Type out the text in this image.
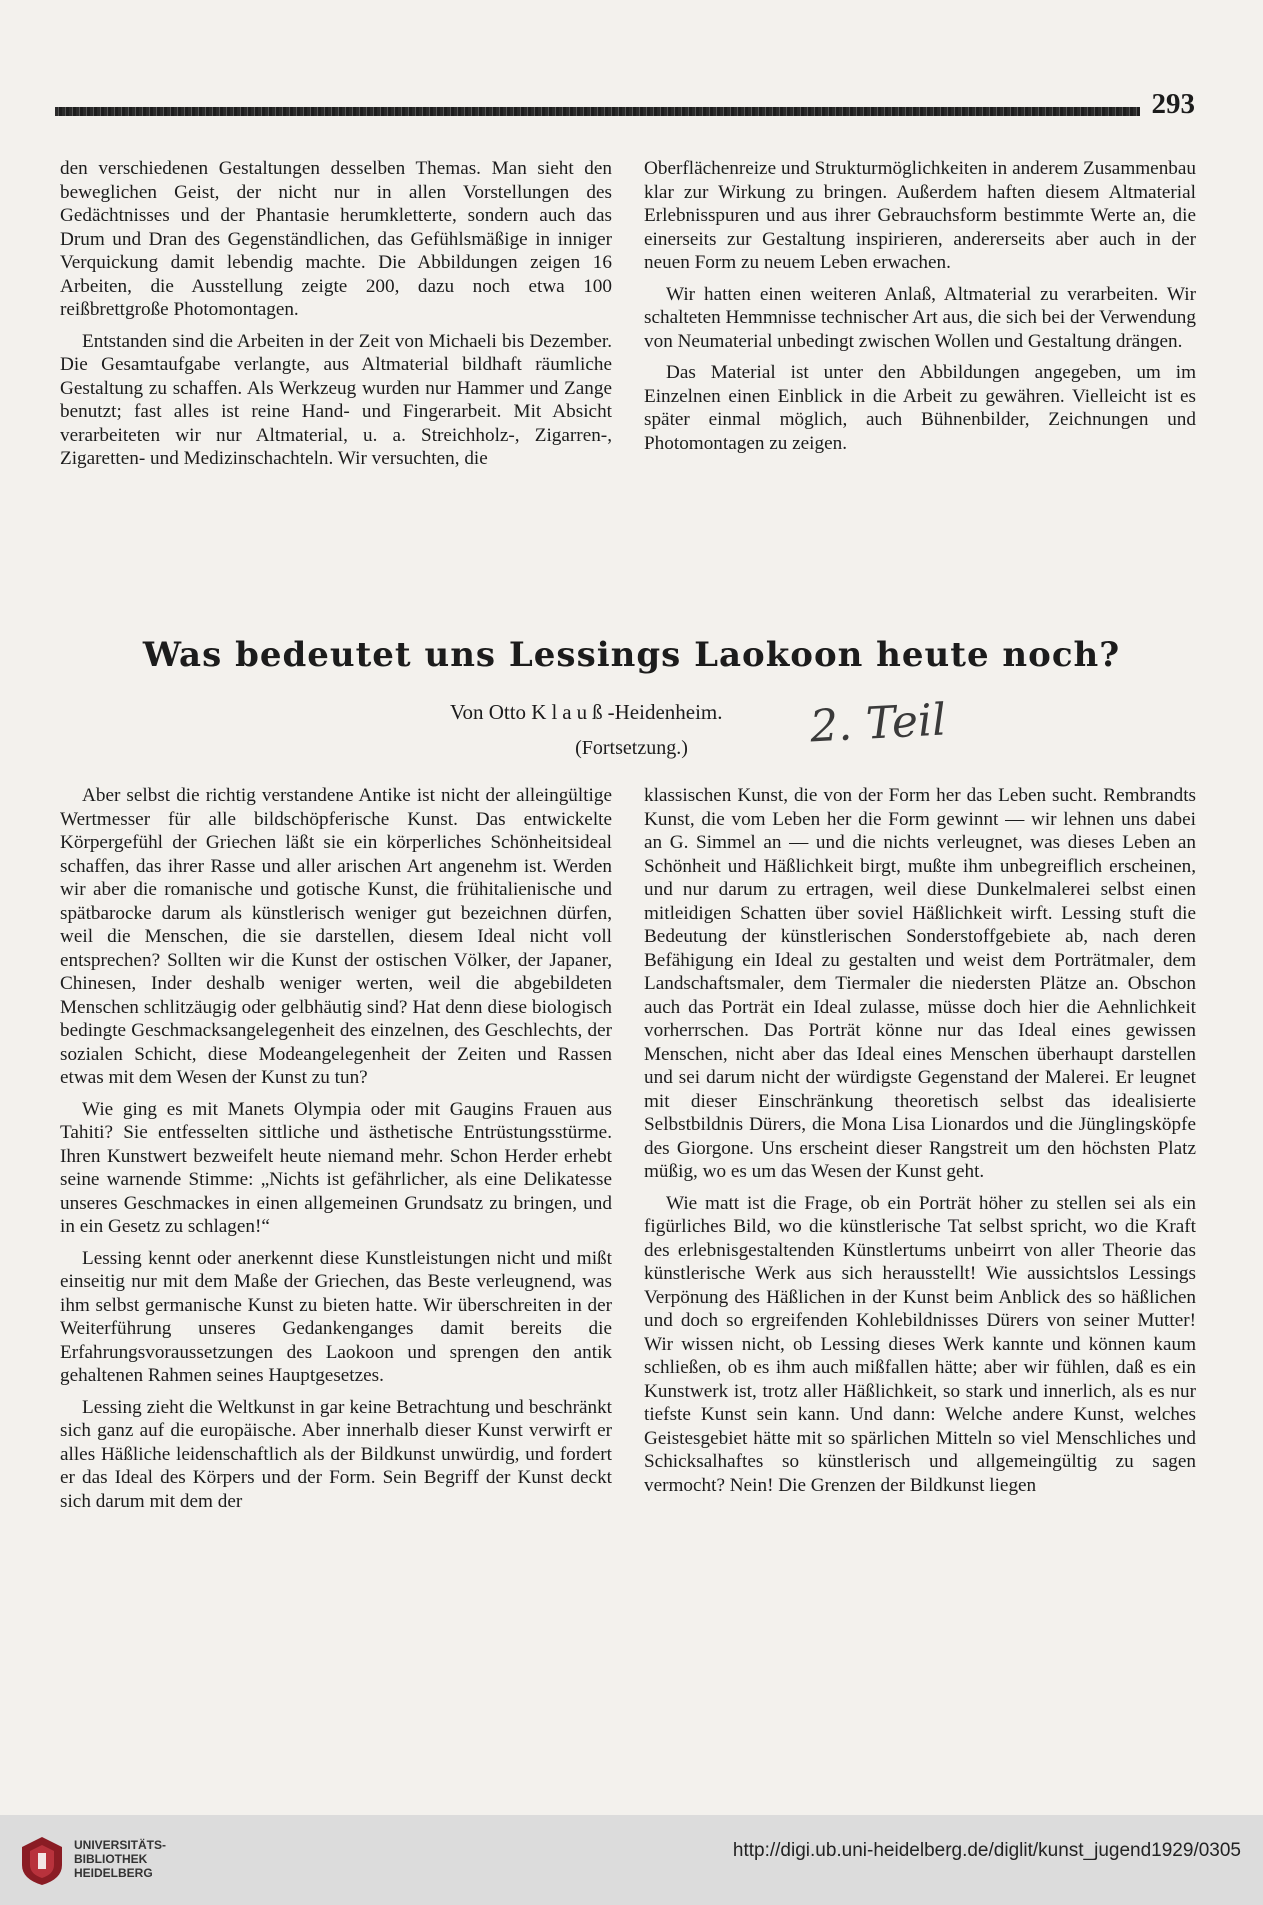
293

den verschiedenen Gestaltungen desselben Themas. Man sieht den beweglichen Geist, der nicht nur in allen Vorstellungen des Gedächtnisses und der Phantasie herumkletterte, sondern auch das Drum und Dran des Gegenständlichen, das Gefühlsmäßige in inniger Verquickung damit lebendig machte. Die Abbildungen zeigen 16 Arbeiten, die Ausstellung zeigte 200, dazu noch etwa 100 reißbrettgroße Photomontagen.

Entstanden sind die Arbeiten in der Zeit von Michaeli bis Dezember. Die Gesamtaufgabe verlangte, aus Altmaterial bildhaft räumliche Gestaltung zu schaffen. Als Werkzeug wurden nur Hammer und Zange benutzt; fast alles ist reine Hand- und Fingerarbeit. Mit Absicht verarbeiteten wir nur Altmaterial, u. a. Streichholz-, Zigarren-, Zigaretten- und Medizinschachteln. Wir versuchten, die

Oberflächenreize und Strukturmöglichkeiten in anderem Zusammenbau klar zur Wirkung zu bringen. Außerdem haften diesem Altmaterial Erlebnisspuren und aus ihrer Gebrauchsform bestimmte Werte an, die einerseits zur Gestaltung inspirieren, andererseits aber auch in der neuen Form zu neuem Leben erwachen.

Wir hatten einen weiteren Anlaß, Altmaterial zu verarbeiten. Wir schalteten Hemmnisse technischer Art aus, die sich bei der Verwendung von Neumaterial unbedingt zwischen Wollen und Gestaltung drängen.

Das Material ist unter den Abbildungen angegeben, um im Einzelnen einen Einblick in die Arbeit zu gewähren. Vielleicht ist es später einmal möglich, auch Bühnenbilder, Zeichnungen und Photomontagen zu zeigen.

Was bedeutet uns Lessings Laokoon heute noch?
Von Otto Klauß-Heidenheim. 2. Teil
(Fortsetzung.)

Aber selbst die richtig verstandene Antike ist nicht der alleingültige Wertmesser für alle bildschöpferische Kunst. Das entwickelte Körpergefühl der Griechen läßt sie ein körperliches Schönheitsideal schaffen, das ihrer Rasse und aller arischen Art angenehm ist. Werden wir aber die romanische und gotische Kunst, die frühitalienische und spätbarocke darum als künstlerisch weniger gut bezeichnen dürfen, weil die Menschen, die sie darstellen, diesem Ideal nicht voll entsprechen? Sollten wir die Kunst der ostischen Völker, der Japaner, Chinesen, Inder deshalb weniger werten, weil die abgebildeten Menschen schlitzäugig oder gelbhäutig sind? Hat denn diese biologisch bedingte Geschmacksangelegenheit des einzelnen, des Geschlechts, der sozialen Schicht, diese Modeangelegenheit der Zeiten und Rassen etwas mit dem Wesen der Kunst zu tun?

Wie ging es mit Manets Olympia oder mit Gaugins Frauen aus Tahiti? Sie entfesselten sittliche und ästhetische Entrüstungsstürme. Ihren Kunstwert bezweifelt heute niemand mehr. Schon Herder erhebt seine warnende Stimme: „Nichts ist gefährlicher, als eine Delikatesse unseres Geschmackes in einen allgemeinen Grundsatz zu bringen, und in ein Gesetz zu schlagen!“

Lessing kennt oder anerkennt diese Kunstleistungen nicht und mißt einseitig nur mit dem Maße der Griechen, das Beste verleugnend, was ihm selbst germanische Kunst zu bieten hatte. Wir überschreiten in der Weiterführung unseres Gedankenganges damit bereits die Erfahrungsvoraussetzungen des Laokoon und sprengen den antik gehaltenen Rahmen seines Hauptgesetzes.

Lessing zieht die Weltkunst in gar keine Betrachtung und beschränkt sich ganz auf die europäische. Aber innerhalb dieser Kunst verwirft er alles Häßliche leidenschaftlich als der Bildkunst unwürdig, und fordert er das Ideal des Körpers und der Form. Sein Begriff der Kunst deckt sich darum mit dem der

klassischen Kunst, die von der Form her das Leben sucht. Rembrandts Kunst, die vom Leben her die Form gewinnt — wir lehnen uns dabei an G. Simmel an — und die nichts verleugnet, was dieses Leben an Schönheit und Häßlichkeit birgt, mußte ihm unbegreiflich erscheinen, und nur darum zu ertragen, weil diese Dunkelmalerei selbst einen mitleidigen Schatten über soviel Häßlichkeit wirft. Lessing stuft die Bedeutung der künstlerischen Sonderstoffgebiete ab, nach deren Befähigung ein Ideal zu gestalten und weist dem Porträtmaler, dem Landschaftsmaler, dem Tiermaler die niedersten Plätze an. Obschon auch das Porträt ein Ideal zulasse, müsse doch hier die Aehnlichkeit vorherrschen. Das Porträt könne nur das Ideal eines gewissen Menschen, nicht aber das Ideal eines Menschen überhaupt darstellen und sei darum nicht der würdigste Gegenstand der Malerei. Er leugnet mit dieser Einschränkung theoretisch selbst das idealisierte Selbstbildnis Dürers, die Mona Lisa Lionardos und die Jünglingsköpfe des Giorgone. Uns erscheint dieser Rangstreit um den höchsten Platz müßig, wo es um das Wesen der Kunst geht.

Wie matt ist die Frage, ob ein Porträt höher zu stellen sei als ein figürliches Bild, wo die künstlerische Tat selbst spricht, wo die Kraft des erlebnisgestaltenden Künstlertums unbeirrt von aller Theorie das künstlerische Werk aus sich herausstellt! Wie aussichtslos Lessings Verpönung des Häßlichen in der Kunst beim Anblick des so häßlichen und doch so ergreifenden Kohlebildnisses Dürers von seiner Mutter! Wir wissen nicht, ob Lessing dieses Werk kannte und können kaum schließen, ob es ihm auch mißfallen hätte; aber wir fühlen, daß es ein Kunstwerk ist, trotz aller Häßlichkeit, so stark und innerlich, als es nur tiefste Kunst sein kann. Und dann: Welche andere Kunst, welches Geistesgebiet hätte mit so spärlichen Mitteln so viel Menschliches und Schicksalhaftes so künstlerisch und allgemeingültig zu sagen vermocht? Nein! Die Grenzen der Bildkunst liegen

UNIVERSITÄTS-
BIBLIOTHEK
HEIDELBERG
http://digi.ub.uni-heidelberg.de/diglit/kunst_jugend1929/0305
